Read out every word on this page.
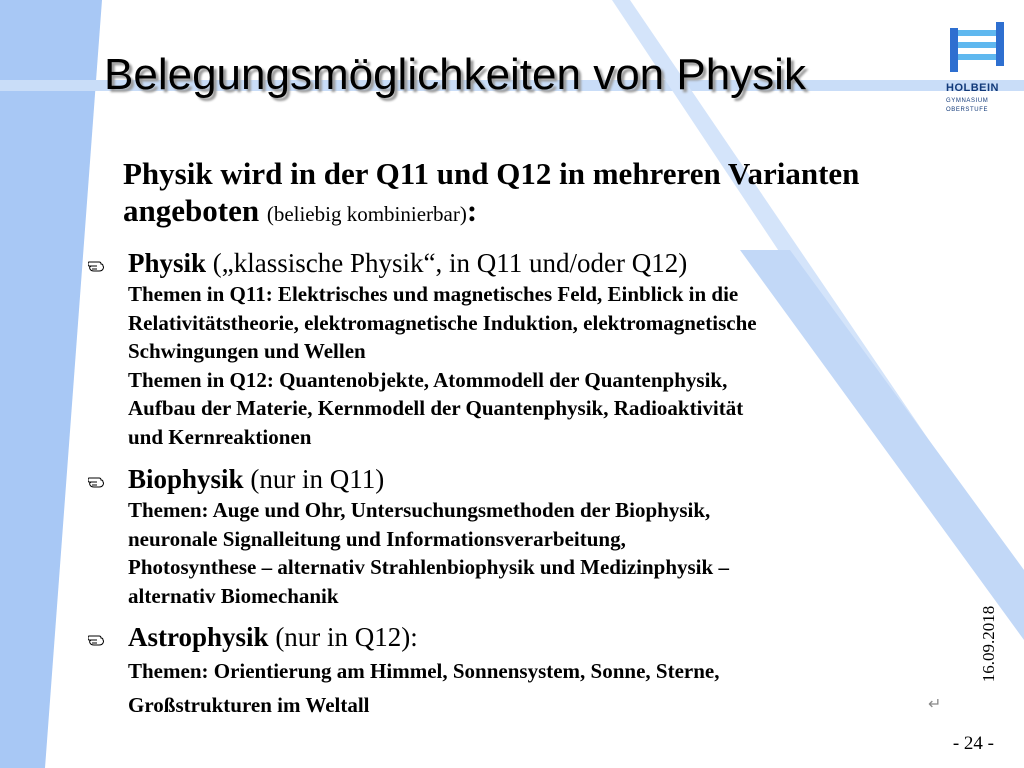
Belegungsmöglichkeiten von Physik	HOLBEIN
GYMNASIUM
OBERSTUFE

Physik wird in der Q11 und Q12 in mehreren Varianten angeboten (beliebig kombinierbar):

Physik („klassische Physik“, in Q11 und/oder Q12)

Themen in Q11: Elektrisches und magnetisches Feld, Einblick in die

Relativitätstheorie, elektromagnetische Induktion, elektromagnetische

Schwingungen und Wellen

Themen in Q12: Quantenobjekte, Atommodell der Quantenphysik,

Aufbau der Materie, Kernmodell der Quantenphysik, Radioaktivität

und Kernreaktionen

Biophysik (nur in Q11)

Themen: Auge und Ohr, Untersuchungsmethoden der Biophysik,

neuronale Signalleitung und Informationsverarbeitung,

Photosynthese – alternativ Strahlenbiophysik und Medizinphysik –

alternativ Biomechanik

Astrophysik (nur in Q12):

Themen: Orientierung am Himmel, Sonnensystem, Sonne, Sterne,

Großstrukturen im Weltall

16.09.2018
↵
- 24 -
